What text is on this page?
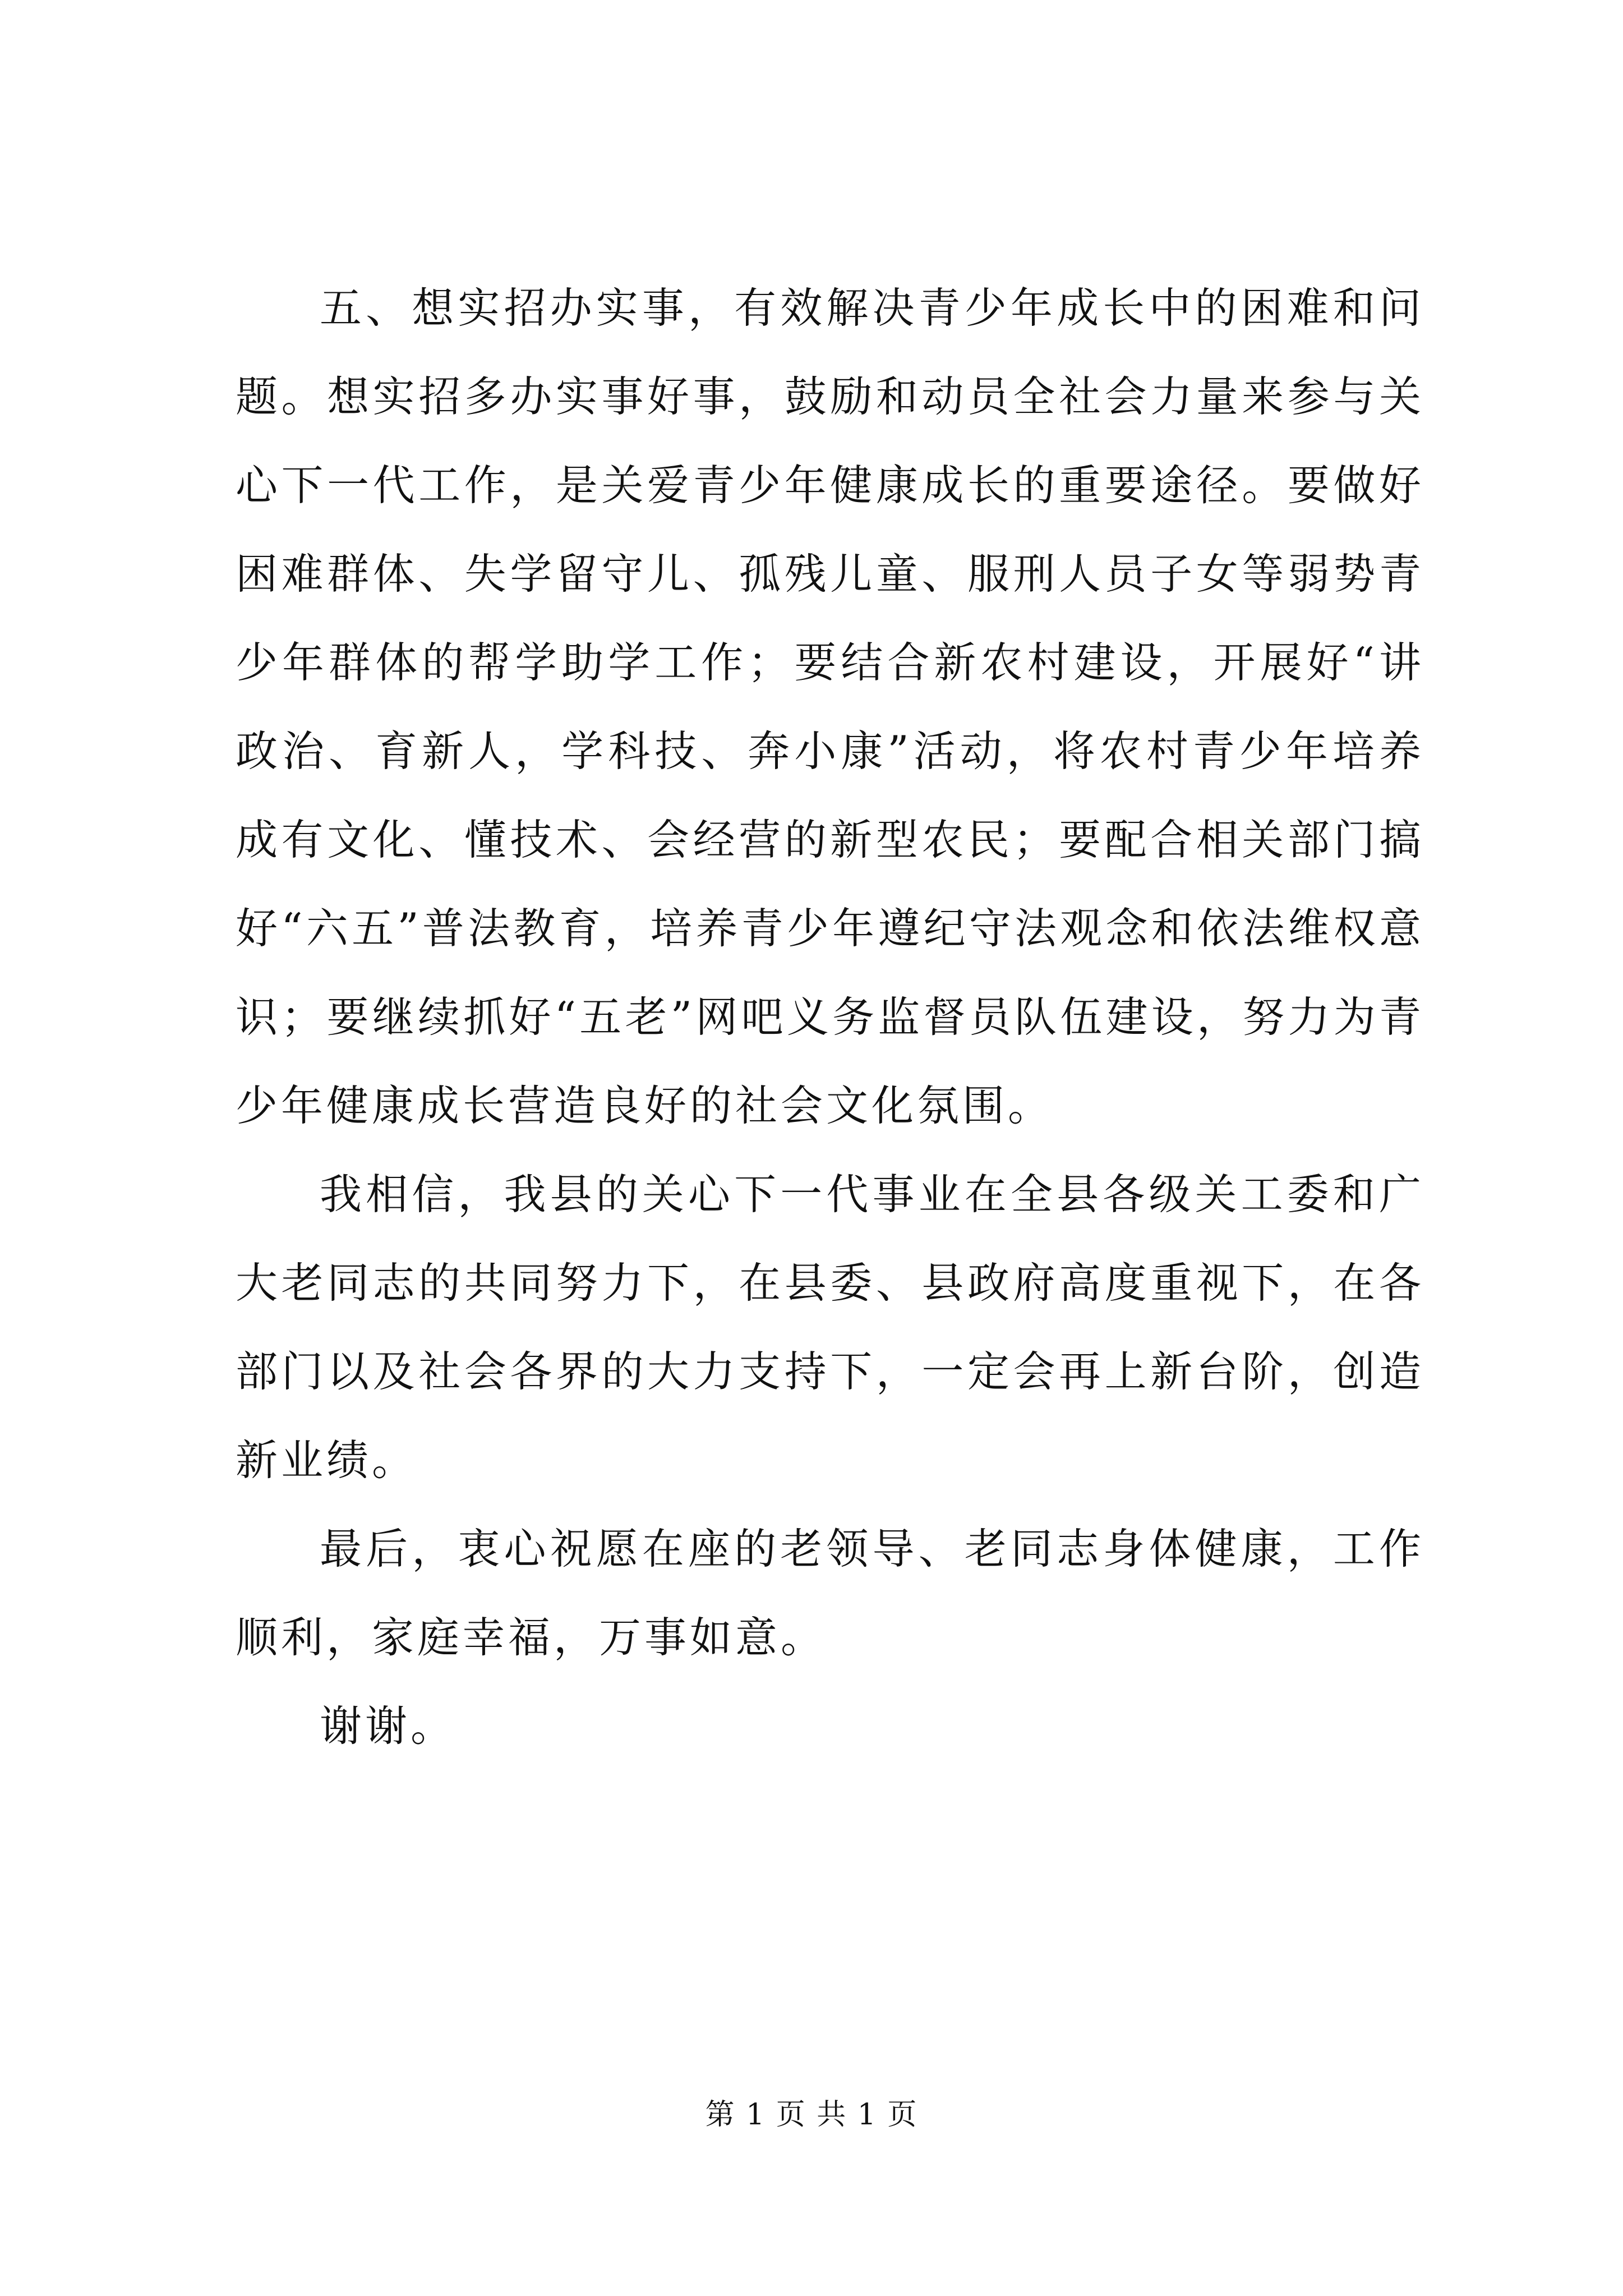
五、想实招办实事，有效解决青少年成长中的困难和问题。想实招多办实事好事，鼓励和动员全社会力量来参与关心下一代工作，是关爱青少年健康成长的重要途径。要做好困难群体、失学留守儿、孤残儿童、服刑人员子女等弱势青少年群体的帮学助学工作；要结合新农村建设，开展好“讲政治、育新人，学科技、奔小康”活动，将农村青少年培养成有文化、懂技术、会经营的新型农民；要配合相关部门搞好“六五”普法教育，培养青少年遵纪守法观念和依法维权意识；要继续抓好“五老”网吧义务监督员队伍建设，努力为青少年健康成长营造良好的社会文化氛围。

我相信，我县的关心下一代事业在全县各级关工委和广大老同志的共同努力下，在县委、县政府高度重视下，在各部门以及社会各界的大力支持下，一定会再上新台阶，创造新业绩。

最后，衷心祝愿在座的老领导、老同志身体健康，工作顺利，家庭幸福，万事如意。

谢谢。

第 1 页 共 1 页
